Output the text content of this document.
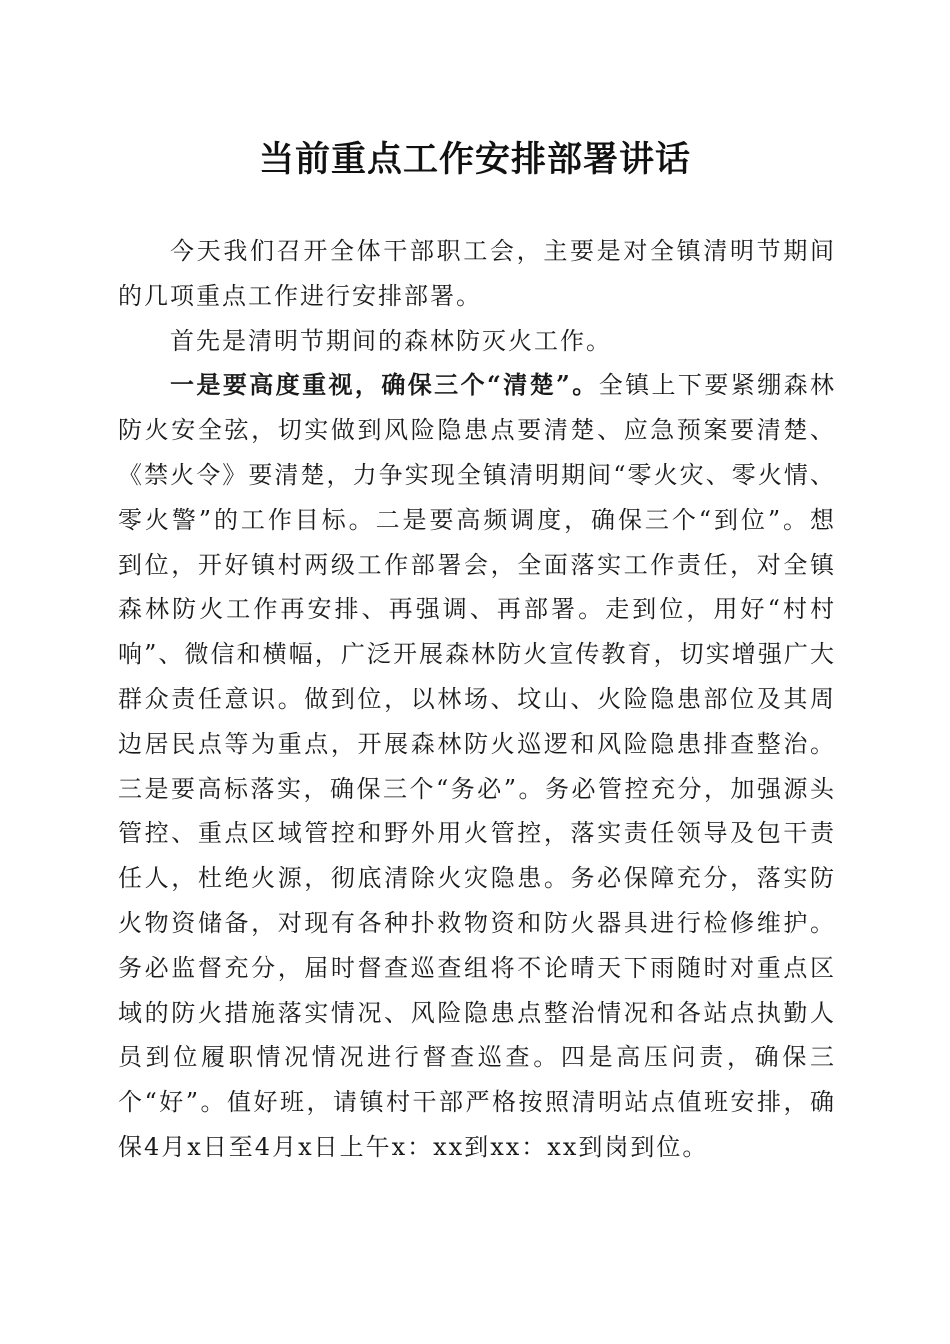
当前重点工作安排部署讲话

今天我们召开全体干部职工会，主要是对全镇清明节期间的几项重点工作进行安排部署。

首先是清明节期间的森林防灭火工作。

一是要高度重视，确保三个“清楚”。全镇上下要紧绷森林防火安全弦，切实做到风险隐患点要清楚、应急预案要清楚、《禁火令》要清楚，力争实现全镇清明期间“零火灾、零火情、零火警”的工作目标。二是要高频调度，确保三个“到位”。想到位，开好镇村两级工作部署会，全面落实工作责任，对全镇森林防火工作再安排、再强调、再部署。走到位，用好“村村响”、微信和横幅，广泛开展森林防火宣传教育，切实增强广大群众责任意识。做到位，以林场、坟山、火险隐患部位及其周边居民点等为重点，开展森林防火巡逻和风险隐患排查整治。三是要高标落实，确保三个“务必”。务必管控充分，加强源头管控、重点区域管控和野外用火管控，落实责任领导及包干责任人，杜绝火源，彻底清除火灾隐患。务必保障充分，落实防火物资储备，对现有各种扑救物资和防火器具进行检修维护。务必监督充分，届时督查巡查组将不论晴天下雨随时对重点区域的防火措施落实情况、风险隐患点整治情况和各站点执勤人员到位履职情况情况进行督查巡查。四是高压问责，确保三个“好”。值好班，请镇村干部严格按照清明站点值班安排，确保4月x日至4月x日上午x：xx到xx：xx到岗到位。
